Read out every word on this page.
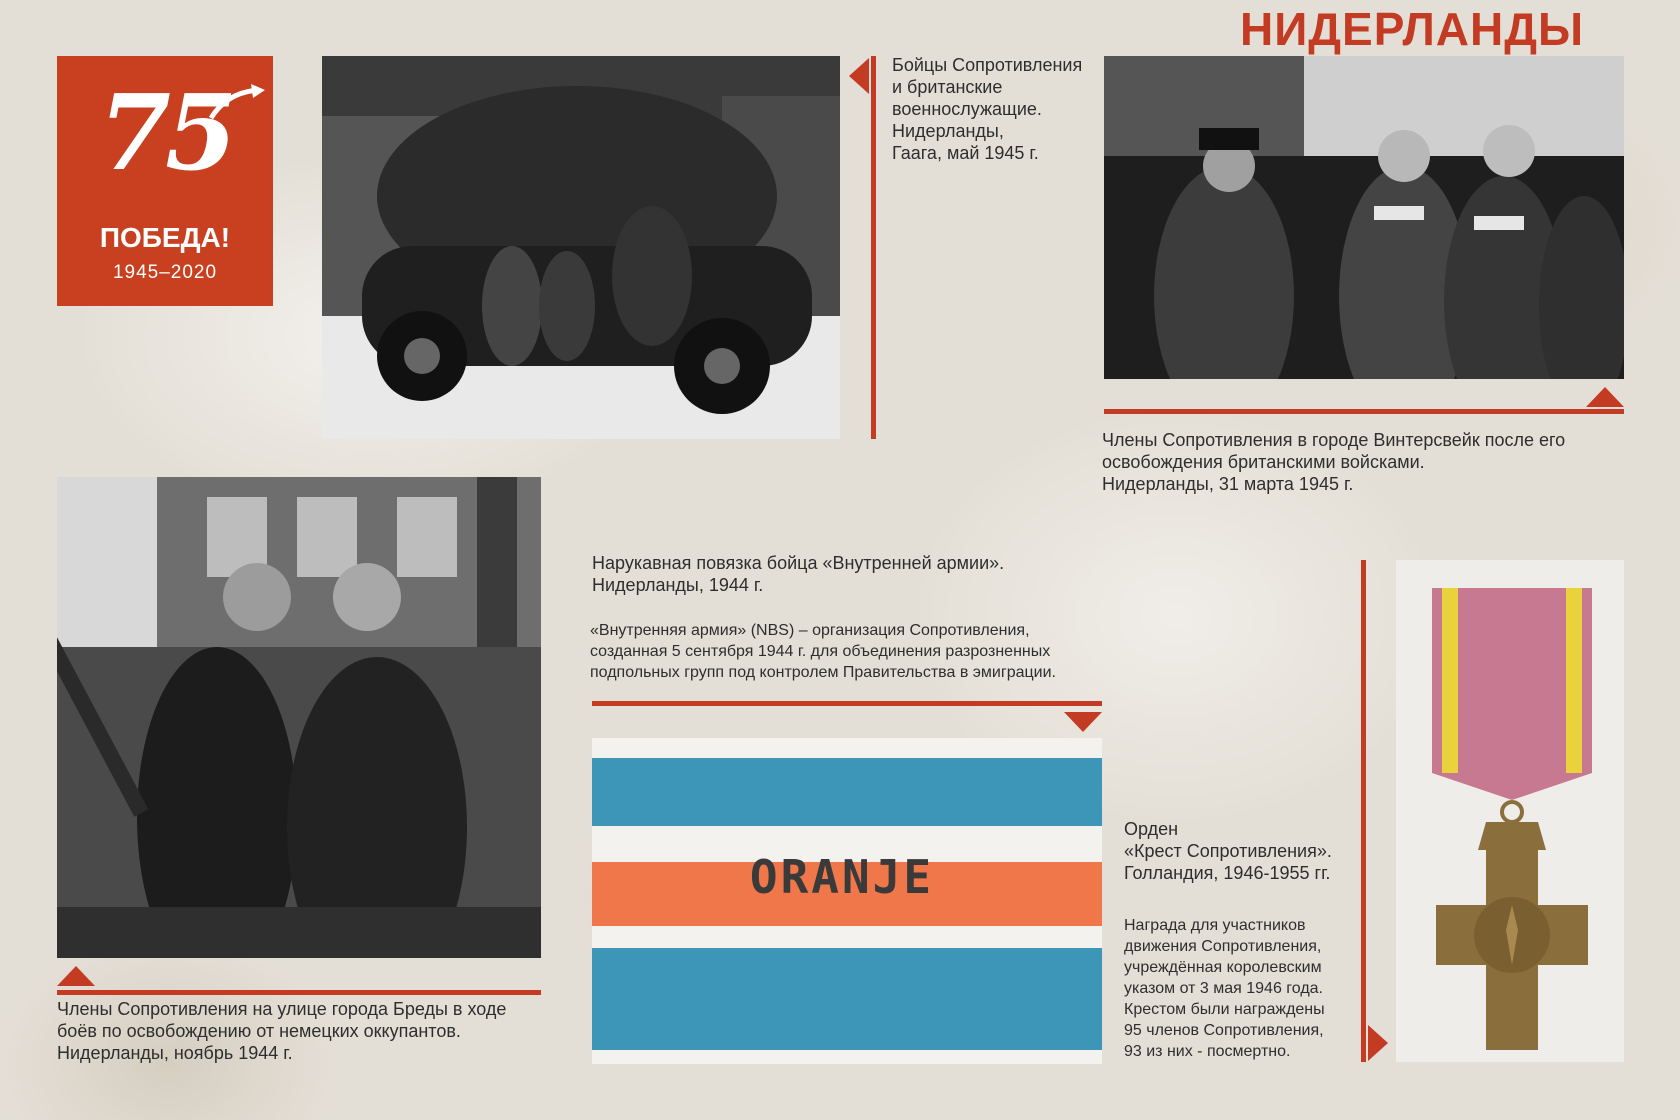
НИДЕРЛАНДЫ
75
ПОБЕДА!
1945–2020
Бойцы Сопротивления
и британские
военнослужащие.
Нидерланды,
Гаага, май 1945 г.
Члены Сопротивления в городе Винтерсвейк после его
освобождения британскими войсками.
Нидерланды, 31 марта 1945 г.
Члены Сопротивления на улице города Бреды в ходе
боёв по освобождению от немецких оккупантов.
Нидерланды, ноябрь 1944 г.
Нарукавная повязка бойца «Внутренней армии».
Нидерланды, 1944 г.
«Внутренняя армия» (NBS) – организация Сопротивления,
созданная 5 сентября 1944 г. для объединения разрозненных
подпольных групп под контролем Правительства в эмиграции.
ORANJE
Орден
«Крест Сопротивления».
Голландия, 1946-1955 гг.
Награда для участников
движения Сопротивления,
учреждённая королевским
указом от 3 мая 1946 года.
Крестом были награждены
95 членов Сопротивления,
93 из них - посмертно.
